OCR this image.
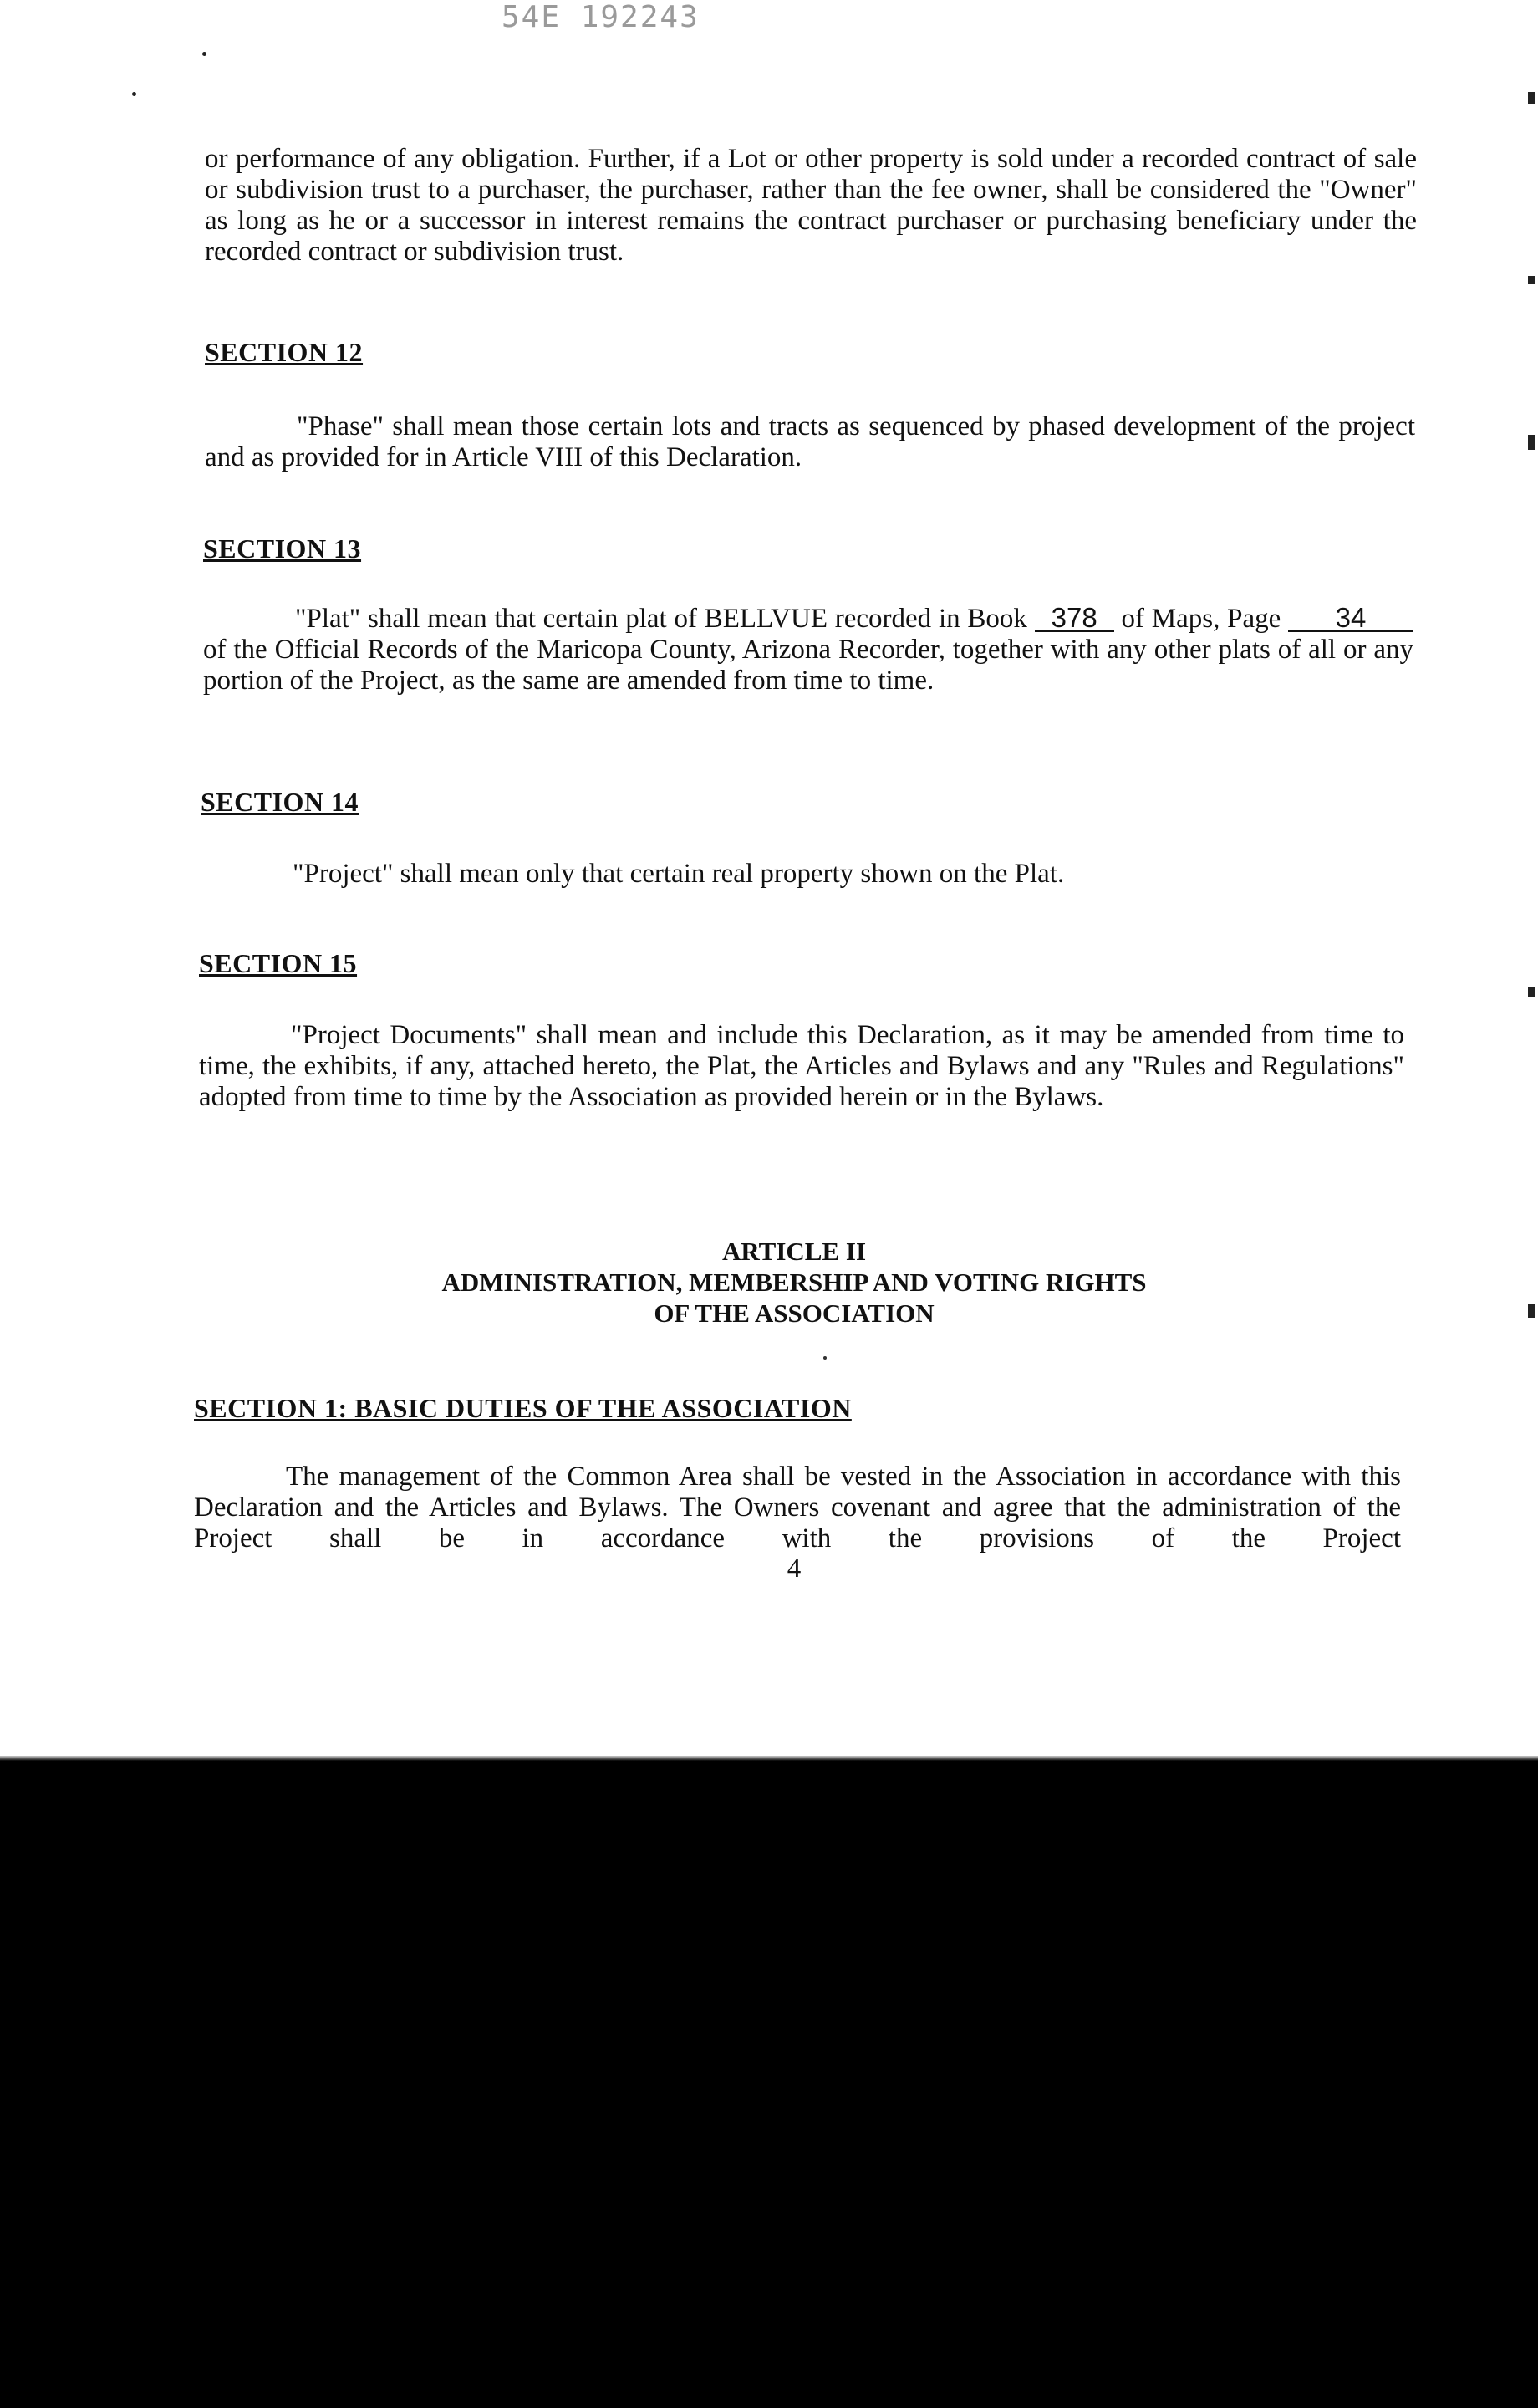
54E 192243

or performance of any obligation. Further, if a Lot or other property is sold under a recorded contract of sale or subdivision trust to a purchaser, the purchaser, rather than the fee owner, shall be considered the "Owner" as long as he or a successor in interest remains the contract purchaser or purchasing beneficiary under the recorded contract or subdivision trust.

SECTION 12

"Phase" shall mean those certain lots and tracts as sequenced by phased development of the project and as provided for in Article VIII of this Declaration.

SECTION 13

"Plat" shall mean that certain plat of BELLVUE recorded in Book 378 of Maps, Page 34 of the Official Records of the Maricopa County, Arizona Recorder, together with any other plats of all or any portion of the Project, as the same are amended from time to time.

SECTION 14

"Project" shall mean only that certain real property shown on the Plat.

SECTION 15

"Project Documents" shall mean and include this Declaration, as it may be amended from time to time, the exhibits, if any, attached hereto, the Plat, the Articles and Bylaws and any "Rules and Regulations" adopted from time to time by the Association as provided herein or in the Bylaws.

ARTICLE II
ADMINISTRATION, MEMBERSHIP AND VOTING RIGHTS
OF THE ASSOCIATION
SECTION 1: BASIC DUTIES OF THE ASSOCIATION

The management of the Common Area shall be vested in the Association in accordance with this Declaration and the Articles and Bylaws. The Owners covenant and agree that the administration of the Project shall be in accordance with the provisions of the Project

4
